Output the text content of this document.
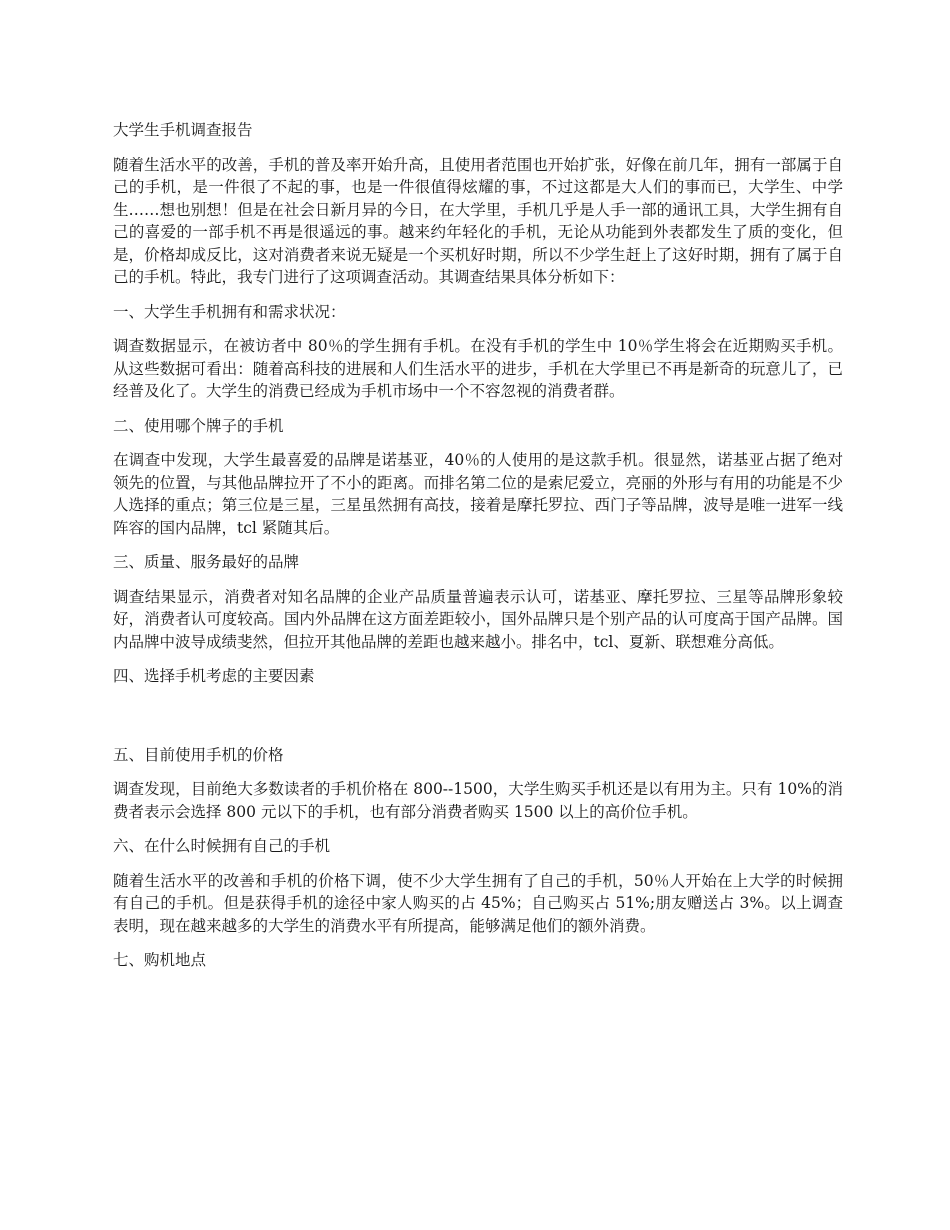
大学生手机调查报告

随着生活水平的改善，手机的普及率开始升高，且使用者范围也开始扩张，好像在前几年，拥有一部属于自己的手机，是一件很了不起的事，也是一件很值得炫耀的事，不过这都是大人们的事而已，大学生、中学生……想也别想！但是在社会日新月异的今日，在大学里，手机几乎是人手一部的通讯工具，大学生拥有自己的喜爱的一部手机不再是很遥远的事。越来约年轻化的手机，无论从功能到外表都发生了质的变化，但是，价格却成反比，这对消费者来说无疑是一个买机好时期，所以不少学生赶上了这好时期，拥有了属于自己的手机。特此，我专门进行了这项调查活动。其调查结果具体分析如下：

一、大学生手机拥有和需求状况：

调查数据显示，在被访者中 80％的学生拥有手机。在没有手机的学生中 10％学生将会在近期购买手机。从这些数据可看出：随着高科技的进展和人们生活水平的进步，手机在大学里已不再是新奇的玩意儿了，已经普及化了。大学生的消费已经成为手机市场中一个不容忽视的消费者群。

二、使用哪个牌子的手机

在调查中发现，大学生最喜爱的品牌是诺基亚，40％的人使用的是这款手机。很显然，诺基亚占据了绝对领先的位置，与其他品牌拉开了不小的距离。而排名第二位的是索尼爱立，亮丽的外形与有用的功能是不少人选择的重点；第三位是三星，三星虽然拥有高技，接着是摩托罗拉、西门子等品牌，波导是唯一进军一线阵容的国内品牌，tcl 紧随其后。

三、质量、服务最好的品牌

调查结果显示，消费者对知名品牌的企业产品质量普遍表示认可，诺基亚、摩托罗拉、三星等品牌形象较好，消费者认可度较高。国内外品牌在这方面差距较小，国外品牌只是个别产品的认可度高于国产品牌。国内品牌中波导成绩斐然，但拉开其他品牌的差距也越来越小。排名中，tcl、夏新、联想难分高低。

四、选择手机考虑的主要因素

五、目前使用手机的价格

调查发现，目前绝大多数读者的手机价格在 800--1500，大学生购买手机还是以有用为主。只有 10%的消费者表示会选择 800 元以下的手机，也有部分消费者购买 1500 以上的高价位手机。

六、在什么时候拥有自己的手机

随着生活水平的改善和手机的价格下调，使不少大学生拥有了自己的手机，50％人开始在上大学的时候拥有自己的手机。但是获得手机的途径中家人购买的占 45%；自己购买占 51%;朋友赠送占 3%。以上调查表明，现在越来越多的大学生的消费水平有所提高，能够满足他们的额外消费。

七、购机地点
